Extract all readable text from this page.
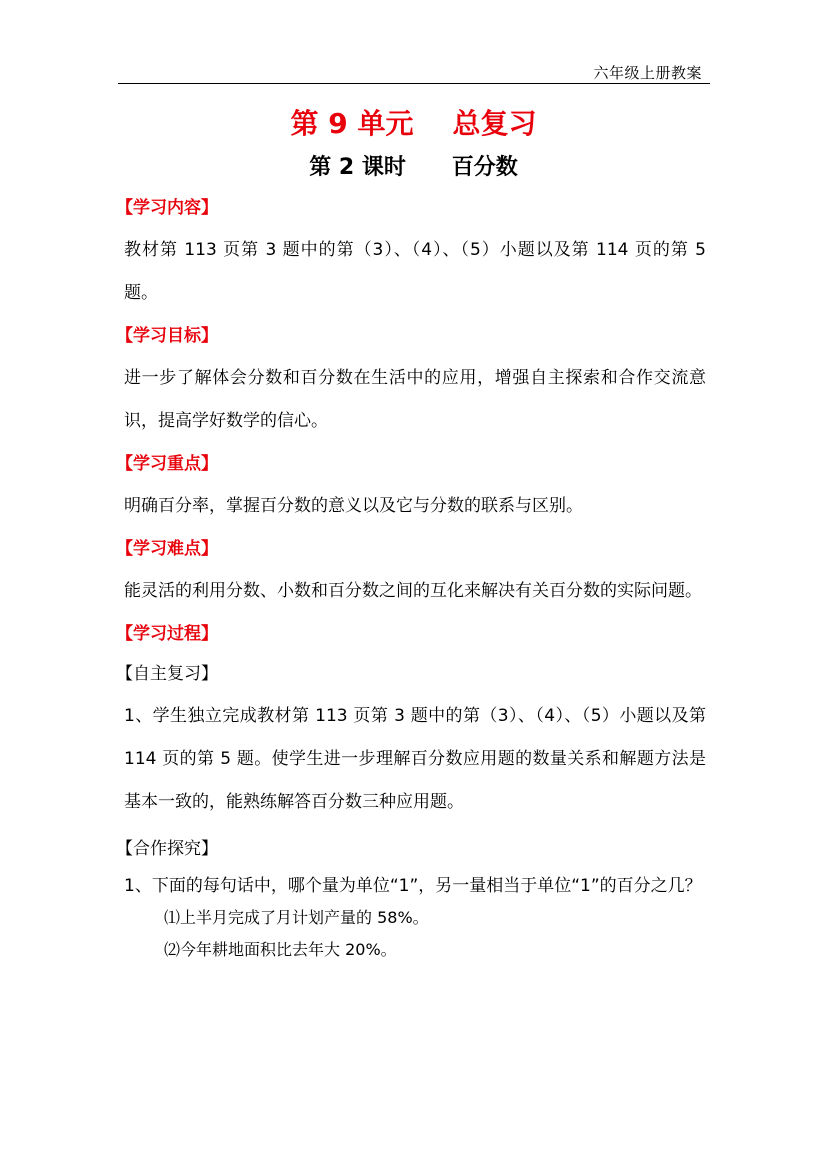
六年级上册教案
第 9 单元    总复习
第 2 课时      百分数

【学习内容】

教材第 113 页第 3 题中的第（3）、（4）、（5）小题以及第 114 页的第 5 题。

【学习目标】

进一步了解体会分数和百分数在生活中的应用，增强自主探索和合作交流意识，提高学好数学的信心。

【学习重点】

明确百分率，掌握百分数的意义以及它与分数的联系与区别。

【学习难点】

能灵活的利用分数、小数和百分数之间的互化来解决有关百分数的实际问题。

【学习过程】

【自主复习】

1、学生独立完成教材第 113 页第 3 题中的第（3）、（4）、（5）小题以及第 114 页的第 5 题。使学生进一步理解百分数应用题的数量关系和解题方法是基本一致的，能熟练解答百分数三种应用题。

【合作探究】

1、下面的每句话中，哪个量为单位“1”，另一量相当于单位“1”的百分之几？

⑴上半月完成了月计划产量的 58%。

⑵今年耕地面积比去年大 20%。
